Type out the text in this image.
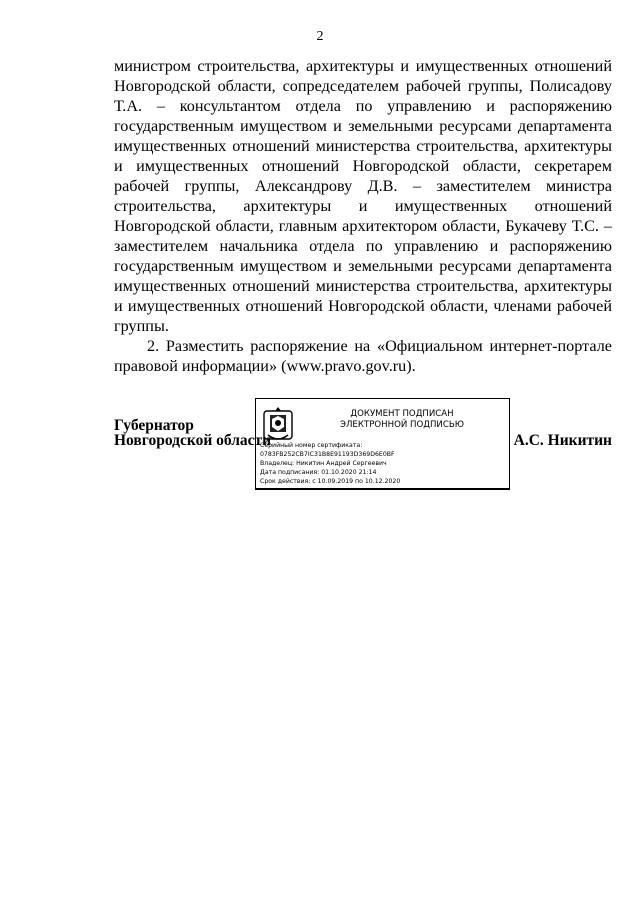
2

министром строительства, архитектуры и имущественных отношений Новгородской области, сопредседателем рабочей группы, Полисадову Т.А. – консультантом отдела по управлению и распоряжению государственным имуществом и земельными ресурсами департамента имущественных отношений министерства строительства, архитектуры и имущественных отношений Новгородской области, секретарем рабочей группы, Александрову Д.В. – заместителем министра строительства, архитектуры и имущественных отношений Новгородской области, главным архитектором области, Букачеву Т.С. – заместителем начальника отдела по управлению и распоряжению государственным имуществом и земельными ресурсами департамента имущественных отношений министерства строительства, архитектуры и имущественных отношений Новгородской области, членами рабочей группы.

2. Разместить распоряжение на «Официальном интернет-портале правовой информации» (www.pravo.gov.ru).

Губернатор
Новгородской области
ДОКУМЕНТ ПОДПИСАН
ЭЛЕКТРОННОЙ ПОДПИСЬЮ
Серийный номер сертификата:
0783FB252CB7IC31B8E91193D369D6E0BF
Владелец: Никитин Андрей Сергеевич
Дата подписания: 01.10.2020 21:14
Срок действия: с 10.09.2019 по 10.12.2020
А.С. Никитин
